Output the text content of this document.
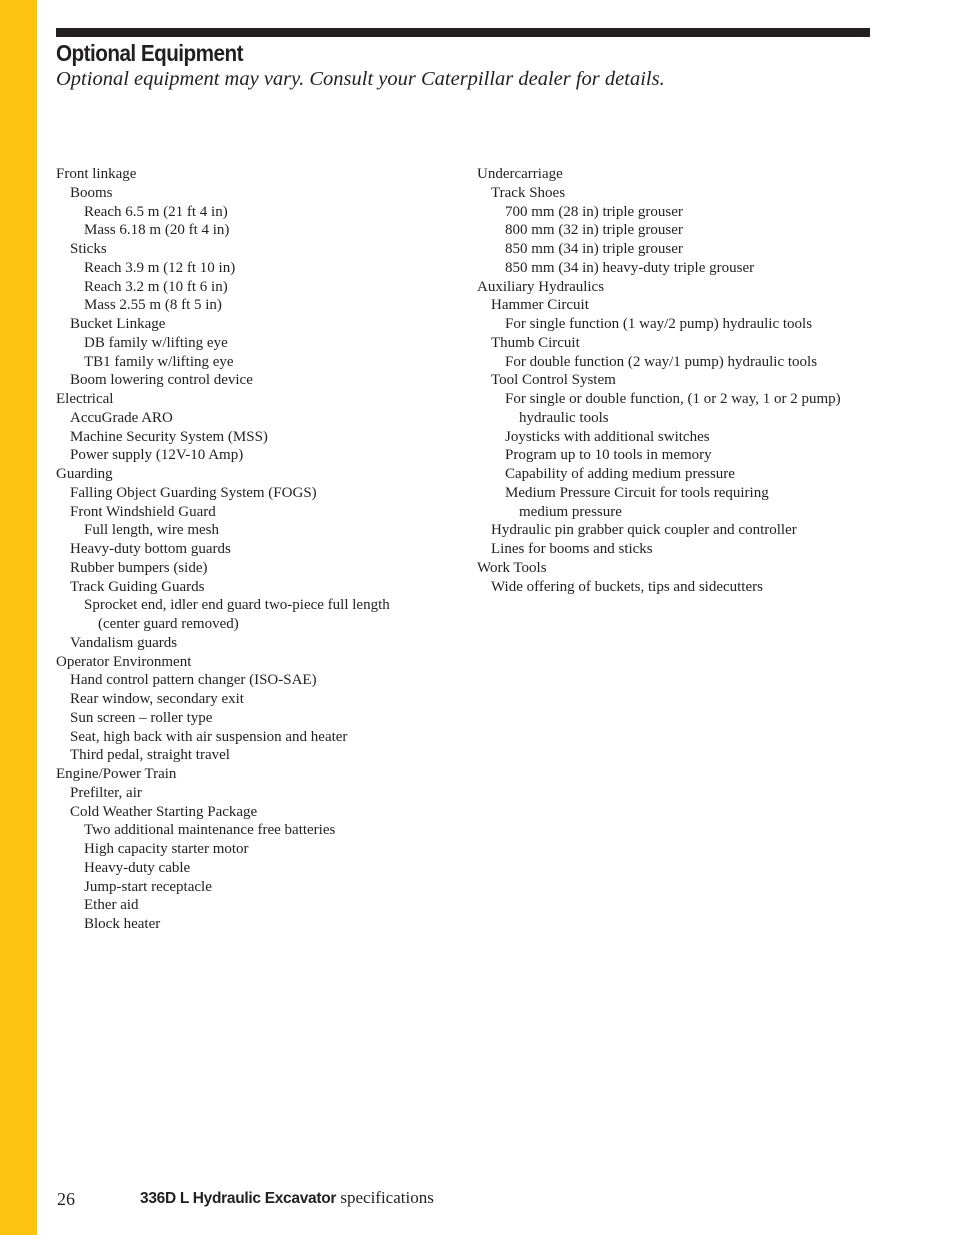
Optional Equipment

Optional equipment may vary. Consult your Caterpillar dealer for details.

Front linkage
Booms
Reach 6.5 m (21 ft 4 in)
Mass 6.18 m (20 ft 4 in)
Sticks
Reach 3.9 m (12 ft 10 in)
Reach 3.2 m (10 ft 6 in)
Mass 2.55 m (8 ft 5 in)
Bucket Linkage
DB family w/lifting eye
TB1 family w/lifting eye
Boom lowering control device
Electrical
AccuGrade ARO
Machine Security System (MSS)
Power supply (12V-10 Amp)
Guarding
Falling Object Guarding System (FOGS)
Front Windshield Guard
Full length, wire mesh
Heavy-duty bottom guards
Rubber bumpers (side)
Track Guiding Guards
Sprocket end, idler end guard two-piece full length
(center guard removed)
Vandalism guards
Operator Environment
Hand control pattern changer (ISO-SAE)
Rear window, secondary exit
Sun screen – roller type
Seat, high back with air suspension and heater
Third pedal, straight travel
Engine/Power Train
Prefilter, air
Cold Weather Starting Package
Two additional maintenance free batteries
High capacity starter motor
Heavy-duty cable
Jump-start receptacle
Ether aid
Block heater
Undercarriage
Track Shoes
700 mm (28 in) triple grouser
800 mm (32 in) triple grouser
850 mm (34 in) triple grouser
850 mm (34 in) heavy-duty triple grouser
Auxiliary Hydraulics
Hammer Circuit
For single function (1 way/2 pump) hydraulic tools
Thumb Circuit
For double function (2 way/1 pump) hydraulic tools
Tool Control System
For single or double function, (1 or 2 way, 1 or 2 pump)
hydraulic tools
Joysticks with additional switches
Program up to 10 tools in memory
Capability of adding medium pressure
Medium Pressure Circuit for tools requiring
medium pressure
Hydraulic pin grabber quick coupler and controller
Lines for booms and sticks
Work Tools
Wide offering of buckets, tips and sidecutters
26	336D L Hydraulic Excavator specifications
